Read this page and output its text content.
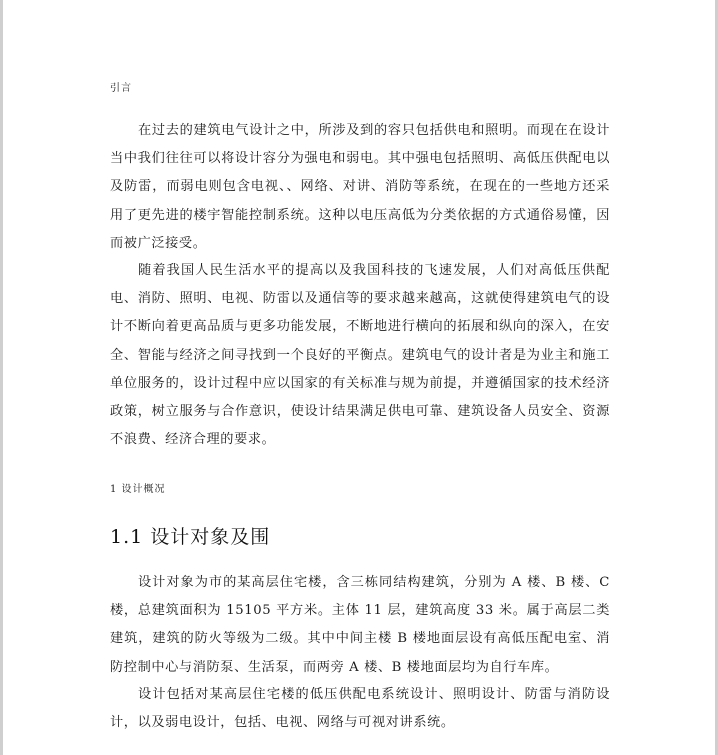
引言

在过去的建筑电气设计之中，所涉及到的容只包括供电和照明。而现在在设计当中我们往往可以将设计容分为强电和弱电。其中强电包括照明、高低压供配电以及防雷，而弱电则包含电视、、网络、对讲、消防等系统，在现在的一些地方还采用了更先进的楼宇智能控制系统。这种以电压高低为分类依据的方式通俗易懂，因而被广泛接受。

随着我国人民生活水平的提高以及我国科技的飞速发展，人们对高低压供配电、消防、照明、电视、防雷以及通信等的要求越来越高，这就使得建筑电气的设计不断向着更高品质与更多功能发展，不断地进行横向的拓展和纵向的深入，在安全、智能与经济之间寻找到一个良好的平衡点。建筑电气的设计者是为业主和施工单位服务的，设计过程中应以国家的有关标准与规为前提，并遵循国家的技术经济政策，树立服务与合作意识，使设计结果满足供电可靠、建筑设备人员安全、资源不浪费、经济合理的要求。

1 设计概况
1.1 设计对象及围

设计对象为市的某高层住宅楼，含三栋同结构建筑，分别为 A 楼、B 楼、C 楼，总建筑面积为 15105 平方米。主体 11 层，建筑高度 33 米。属于高层二类建筑，建筑的防火等级为二级。其中中间主楼 B 楼地面层设有高低压配电室、消防控制中心与消防泵、生活泵，而两旁 A 楼、B 楼地面层均为自行车库。

设计包括对某高层住宅楼的低压供配电系统设计、照明设计、防雷与消防设计，以及弱电设计，包括、电视、网络与可视对讲系统。
